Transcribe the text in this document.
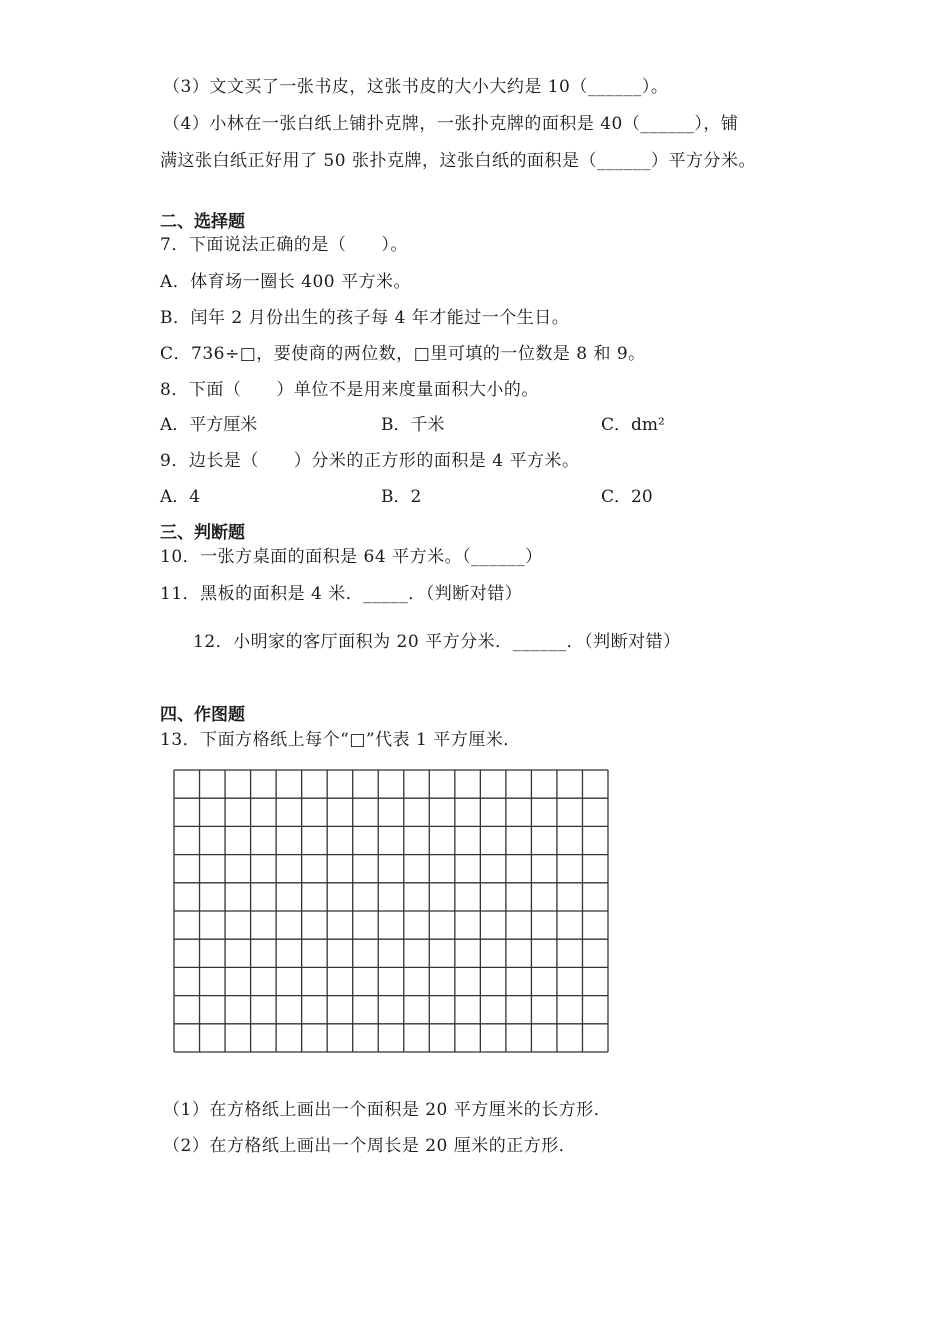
（3）文文买了一张书皮，这张书皮的大小大约是 10（______）。
（4）小林在一张白纸上铺扑克牌，一张扑克牌的面积是 40（______），铺
满这张白纸正好用了 50 张扑克牌，这张白纸的面积是（______）平方分米。
二、选择题
7．下面说法正确的是（　　）。
A．体育场一圈长 400 平方米。
B．闰年 2 月份出生的孩子每 4 年才能过一个生日。
C．736÷□，要使商的两位数，□里可填的一位数是 8 和 9。
8．下面（　　）单位不是用来度量面积大小的。
A．平方厘米	B．千米	C．dm²
9．边长是（　　）分米的正方形的面积是 4 平方米。
A．4	B．2	C．20
三、判断题
10．一张方桌面的面积是 64 平方米。（______）
11．黑板的面积是 4 米．_____．（判断对错）
12．小明家的客厅面积为 20 平方分米．______．（判断对错）
四、作图题
13．下面方格纸上每个“□”代表 1 平方厘米．
（1）在方格纸上画出一个面积是 20 平方厘米的长方形．
（2）在方格纸上画出一个周长是 20 厘米的正方形．
